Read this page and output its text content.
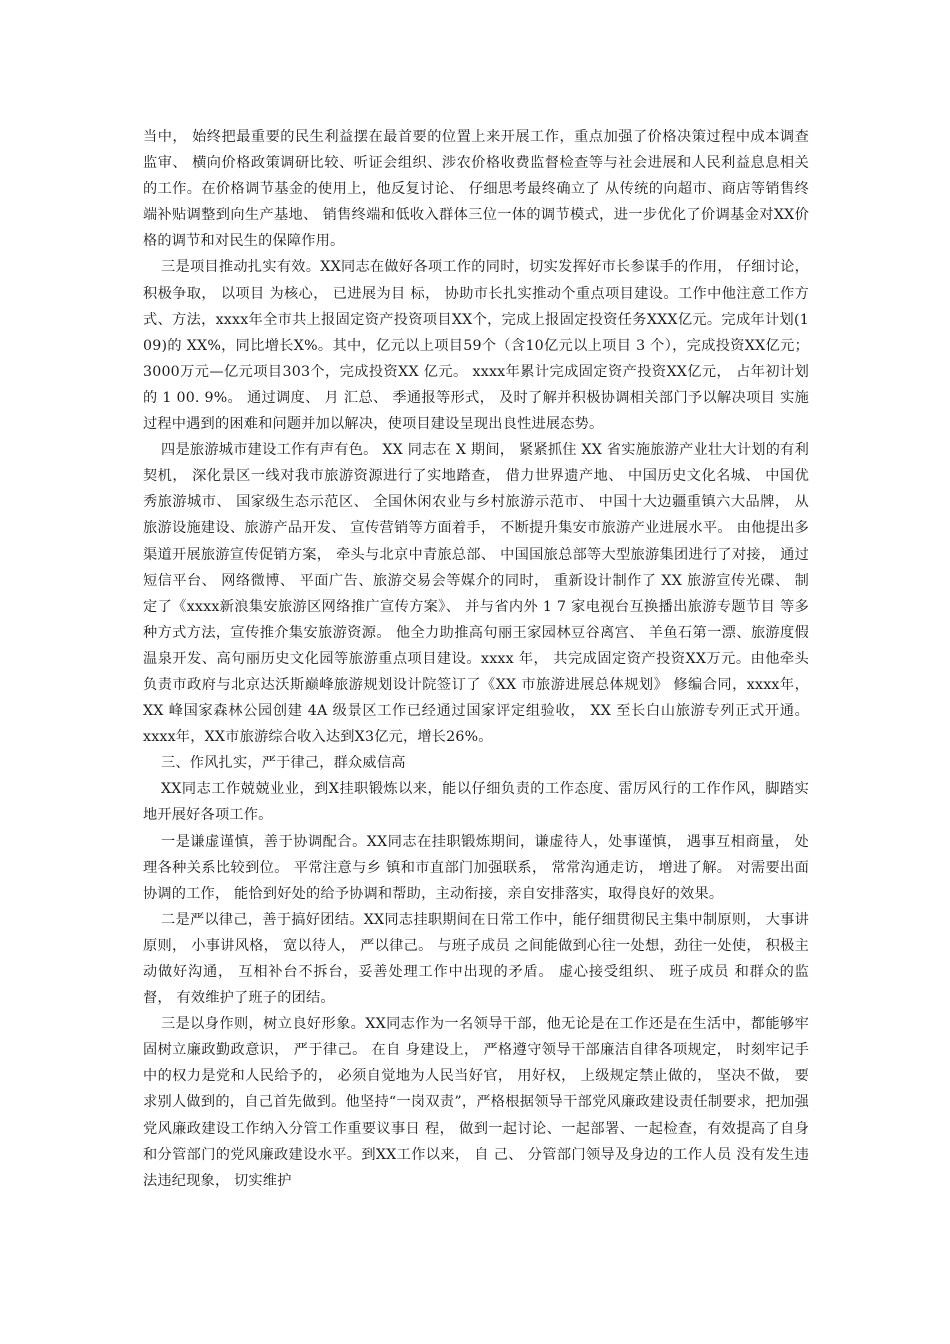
当中， 始终把最重要的民生利益摆在最首要的位置上来开展工作，重点加强了价格决策过程中成本调查监审、 横向价格政策调研比较、听证会组织、涉农价格收费监督检查等与社会进展和人民利益息息相关的工作。在价格调节基金的使用上，他反复讨论、 仔细思考最终确立了 从传统的向超市、商店等销售终端补贴调整到向生产基地、 销售终端和低收入群体三位一体的调节模式，进一步优化了价调基金对XX价格的调节和对民生的保障作用。

三是项目推动扎实有效。XX同志在做好各项工作的同时，切实发挥好市长参谋手的作用， 仔细讨论， 积极争取， 以项目 为核心， 已进展为目 标， 协助市长扎实推动个重点项目建设。工作中他注意工作方式、方法，xxxx年全市共上报固定资产投资项目XX个，完成上报固定投资任务XXX亿元。完成年计划(1 09)的 XX%，同比增长X%。其中，亿元以上项目59个（含10亿元以上项目 3 个），完成投资XX亿元；3000万元—亿元项目303个，完成投资XX 亿元。 xxxx年累计完成固定资产投资XX亿元， 占年初计划的 1 00. 9%。 通过调度、 月 汇总、 季通报等形式， 及时了解并积极协调相关部门予以解决项目 实施过程中遇到的困难和问题并加以解决，使项目建设呈现出良性进展态势。

四是旅游城市建设工作有声有色。 XX 同志在 X 期间， 紧紧抓住 XX 省实施旅游产业壮大计划的有利契机， 深化景区一线对我市旅游资源进行了实地踏查， 借力世界遗产地、 中国历史文化名城、 中国优秀旅游城市、 国家级生态示范区、 全国休闲农业与乡村旅游示范市、 中国十大边疆重镇六大品牌， 从旅游设施建设、旅游产品开发、 宣传营销等方面着手， 不断提升集安市旅游产业进展水平。 由他提出多渠道开展旅游宣传促销方案， 牵头与北京中青旅总部、 中国国旅总部等大型旅游集团进行了对接， 通过短信平台、 网络微博、 平面广告、旅游交易会等媒介的同时， 重新设计制作了 XX 旅游宣传光碟、 制定了《xxxx新浪集安旅游区网络推广宣传方案》、 并与省内外 1 7 家电视台互换播出旅游专题节目 等多种方式方法，宣传推介集安旅游资源。 他全力助推高句丽王家园林豆谷离宫、 羊鱼石第一漂、旅游度假温泉开发、高句丽历史文化园等旅游重点项目建设。xxxx 年， 共完成固定资产投资XX万元。由他牵头负责市政府与北京达沃斯巅峰旅游规划设计院签订了《XX 市旅游进展总体规划》 修编合同，xxxx年， XX 峰国家森林公园创建 4A 级景区工作已经通过国家评定组验收， XX 至长白山旅游专列正式开通。xxxx年，XX市旅游综合收入达到X3亿元，增长26%。

三、作风扎实，严于律己，群众威信高

XX同志工作兢兢业业，到X挂职锻炼以来，能以仔细负责的工作态度、雷厉风行的工作作风，脚踏实地开展好各项工作。

一是谦虚谨慎，善于协调配合。XX同志在挂职锻炼期间，谦虚待人，处事谨慎， 遇事互相商量， 处理各种关系比较到位。 平常注意与乡 镇和市直部门加强联系， 常常沟通走访， 增进了解。 对需要出面协调的工作， 能恰到好处的给予协调和帮助，主动衔接，亲自安排落实，取得良好的效果。

二是严以律己，善于搞好团结。XX同志挂职期间在日常工作中，能仔细贯彻民主集中制原则， 大事讲原则， 小事讲风格， 宽以待人， 严以律己。 与班子成员 之间能做到心往一处想，劲往一处使， 积极主动做好沟通， 互相补台不拆台，妥善处理工作中出现的矛盾。 虚心接受组织、 班子成员 和群众的监督， 有效维护了班子的团结。

三是以身作则，树立良好形象。XX同志作为一名领导干部，他无论是在工作还是在生活中，都能够牢固树立廉政勤政意识， 严于律己。 在自 身建设上， 严格遵守领导干部廉洁自律各项规定， 时刻牢记手中的权力是党和人民给予的， 必须自觉地为人民当好官， 用好权， 上级规定禁止做的， 坚决不做， 要求别人做到的，自己首先做到。他坚持“一岗双责”，严格根据领导干部党风廉政建设责任制要求，把加强党风廉政建设工作纳入分管工作重要议事日 程， 做到一起讨论、一起部署、一起检查，有效提高了自身和分管部门的党风廉政建设水平。到XX工作以来， 自 己、 分管部门领导及身边的工作人员 没有发生违法违纪现象， 切实维护
